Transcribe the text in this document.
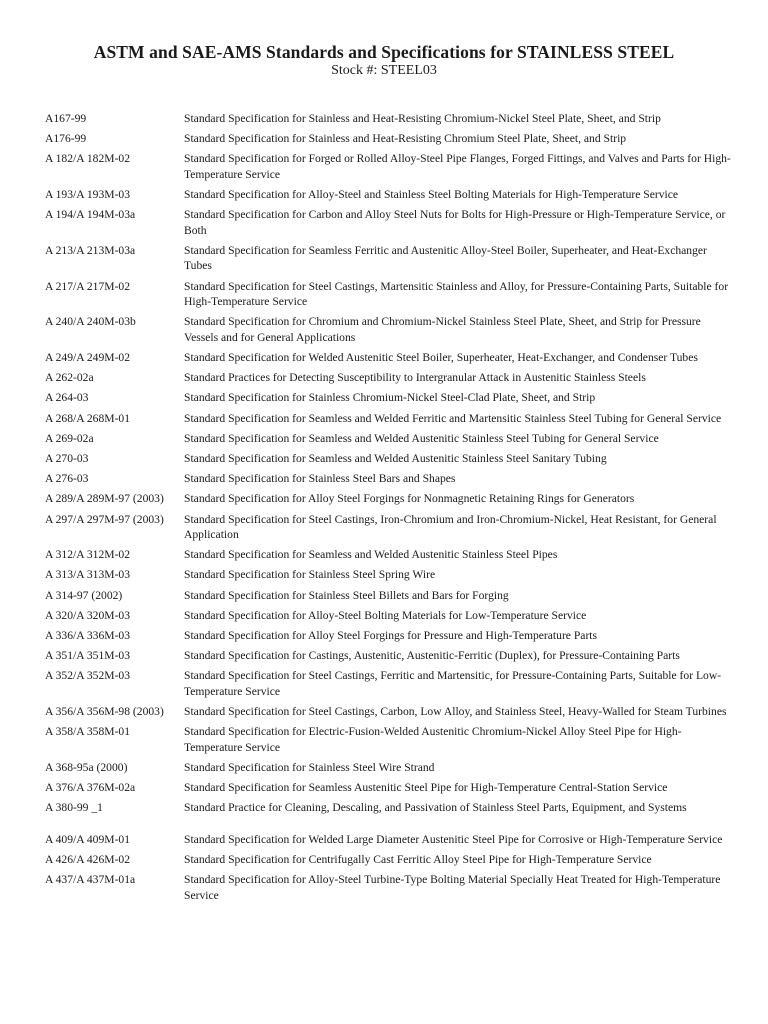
ASTM and SAE-AMS Standards and Specifications for STAINLESS STEEL
Stock #: STEEL03
A167-99	Standard Specification for Stainless and Heat-Resisting Chromium-Nickel Steel Plate, Sheet, and Strip
A176-99	Standard Specification for Stainless and Heat-Resisting Chromium Steel Plate, Sheet, and Strip
A 182/A 182M-02	Standard Specification for Forged or Rolled Alloy-Steel Pipe Flanges, Forged Fittings, and Valves and Parts for High-Temperature Service
A 193/A 193M-03	Standard Specification for Alloy-Steel and Stainless Steel Bolting Materials for High-Temperature Service
A 194/A 194M-03a	Standard Specification for Carbon and Alloy Steel Nuts for Bolts for High-Pressure or High-Temperature Service, or Both
A 213/A 213M-03a	Standard Specification for Seamless Ferritic and Austenitic Alloy-Steel Boiler, Superheater, and Heat-Exchanger Tubes
A 217/A 217M-02	Standard Specification for Steel Castings, Martensitic Stainless and Alloy, for Pressure-Containing Parts, Suitable for High-Temperature Service
A 240/A 240M-03b	Standard Specification for Chromium and Chromium-Nickel Stainless Steel Plate, Sheet, and Strip for Pressure Vessels and for General Applications
A 249/A 249M-02	Standard Specification for Welded Austenitic Steel Boiler, Superheater, Heat-Exchanger, and Condenser Tubes
A 262-02a	Standard Practices for Detecting Susceptibility to Intergranular Attack in Austenitic Stainless Steels
A 264-03	Standard Specification for Stainless Chromium-Nickel Steel-Clad Plate, Sheet, and Strip
A 268/A 268M-01	Standard Specification for Seamless and Welded Ferritic and Martensitic Stainless Steel Tubing for General Service
A 269-02a	Standard Specification for Seamless and Welded Austenitic Stainless Steel Tubing for General Service
A 270-03	Standard Specification for Seamless and Welded Austenitic Stainless Steel Sanitary Tubing
A 276-03	Standard Specification for Stainless Steel Bars and Shapes
A 289/A 289M-97 (2003)	Standard Specification for Alloy Steel Forgings for Nonmagnetic Retaining Rings for Generators
A 297/A 297M-97 (2003)	Standard Specification for Steel Castings, Iron-Chromium and Iron-Chromium-Nickel, Heat Resistant, for General Application
A 312/A 312M-02	Standard Specification for Seamless and Welded Austenitic Stainless Steel Pipes
A 313/A 313M-03	Standard Specification for Stainless Steel Spring Wire
A 314-97 (2002)	Standard Specification for Stainless Steel Billets and Bars for Forging
A 320/A 320M-03	Standard Specification for Alloy-Steel Bolting Materials for Low-Temperature Service
A 336/A 336M-03	Standard Specification for Alloy Steel Forgings for Pressure and High-Temperature Parts
A 351/A 351M-03	Standard Specification for Castings, Austenitic, Austenitic-Ferritic (Duplex), for Pressure-Containing Parts
A 352/A 352M-03	Standard Specification for Steel Castings, Ferritic and Martensitic, for Pressure-Containing Parts, Suitable for Low-Temperature Service
A 356/A 356M-98 (2003)	Standard Specification for Steel Castings, Carbon, Low Alloy, and Stainless Steel, Heavy-Walled for Steam Turbines
A 358/A 358M-01	Standard Specification for Electric-Fusion-Welded Austenitic Chromium-Nickel Alloy Steel Pipe for High-Temperature Service
A 368-95a (2000)	Standard Specification for Stainless Steel Wire Strand
A 376/A 376M-02a	Standard Specification for Seamless Austenitic Steel Pipe for High-Temperature Central-Station Service
A 380-99 _1	Standard Practice for Cleaning, Descaling, and Passivation of Stainless Steel Parts, Equipment, and Systems
A 409/A 409M-01	Standard Specification for Welded Large Diameter Austenitic Steel Pipe for Corrosive or High-Temperature Service
A 426/A 426M-02	Standard Specification for Centrifugally Cast Ferritic Alloy Steel Pipe for High-Temperature Service
A 437/A 437M-01a	Standard Specification for Alloy-Steel Turbine-Type Bolting Material Specially Heat Treated for High-Temperature Service
